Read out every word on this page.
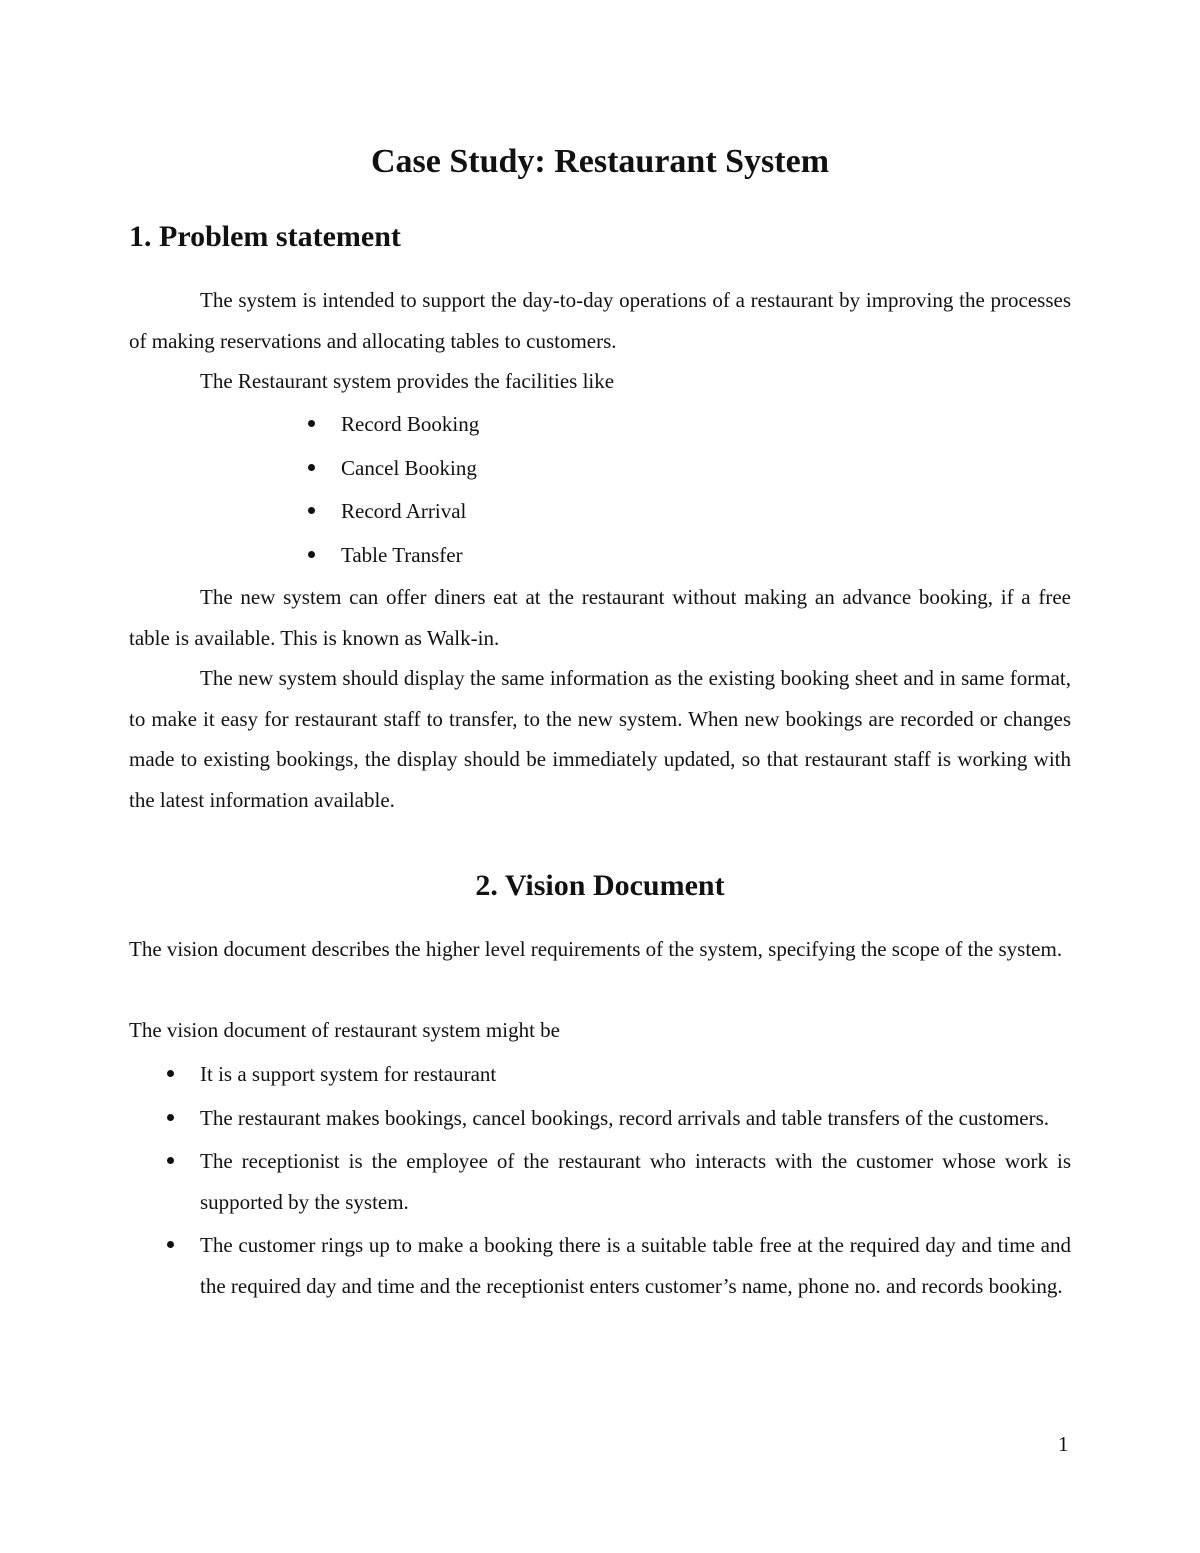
Case Study: Restaurant System
1. Problem statement

The system is intended to support the day-to-day operations of a restaurant by improving the processes of making reservations and allocating tables to customers.

The Restaurant system provides the facilities like

Record Booking
Cancel Booking
Record Arrival
Table Transfer

The new system can offer diners eat at the restaurant without making an advance booking, if a free table is available. This is known as Walk-in.

The new system should display the same information as the existing booking sheet and in same format, to make it easy for restaurant staff to transfer, to the new system. When new bookings are recorded or changes made to existing bookings, the display should be immediately updated, so that restaurant staff is working with the latest information available.

2. Vision Document

The vision document describes the higher level requirements of the system, specifying the scope of the system.

The vision document of restaurant system might be

It is a support system for restaurant
The restaurant makes bookings, cancel bookings, record arrivals and table transfers of the customers.
The receptionist is the employee of the restaurant who interacts with the customer whose work is supported by the system.
The customer rings up to make a booking there is a suitable table free at the required day and time and the required day and time and the receptionist enters customer’s name, phone no. and records booking.

1
